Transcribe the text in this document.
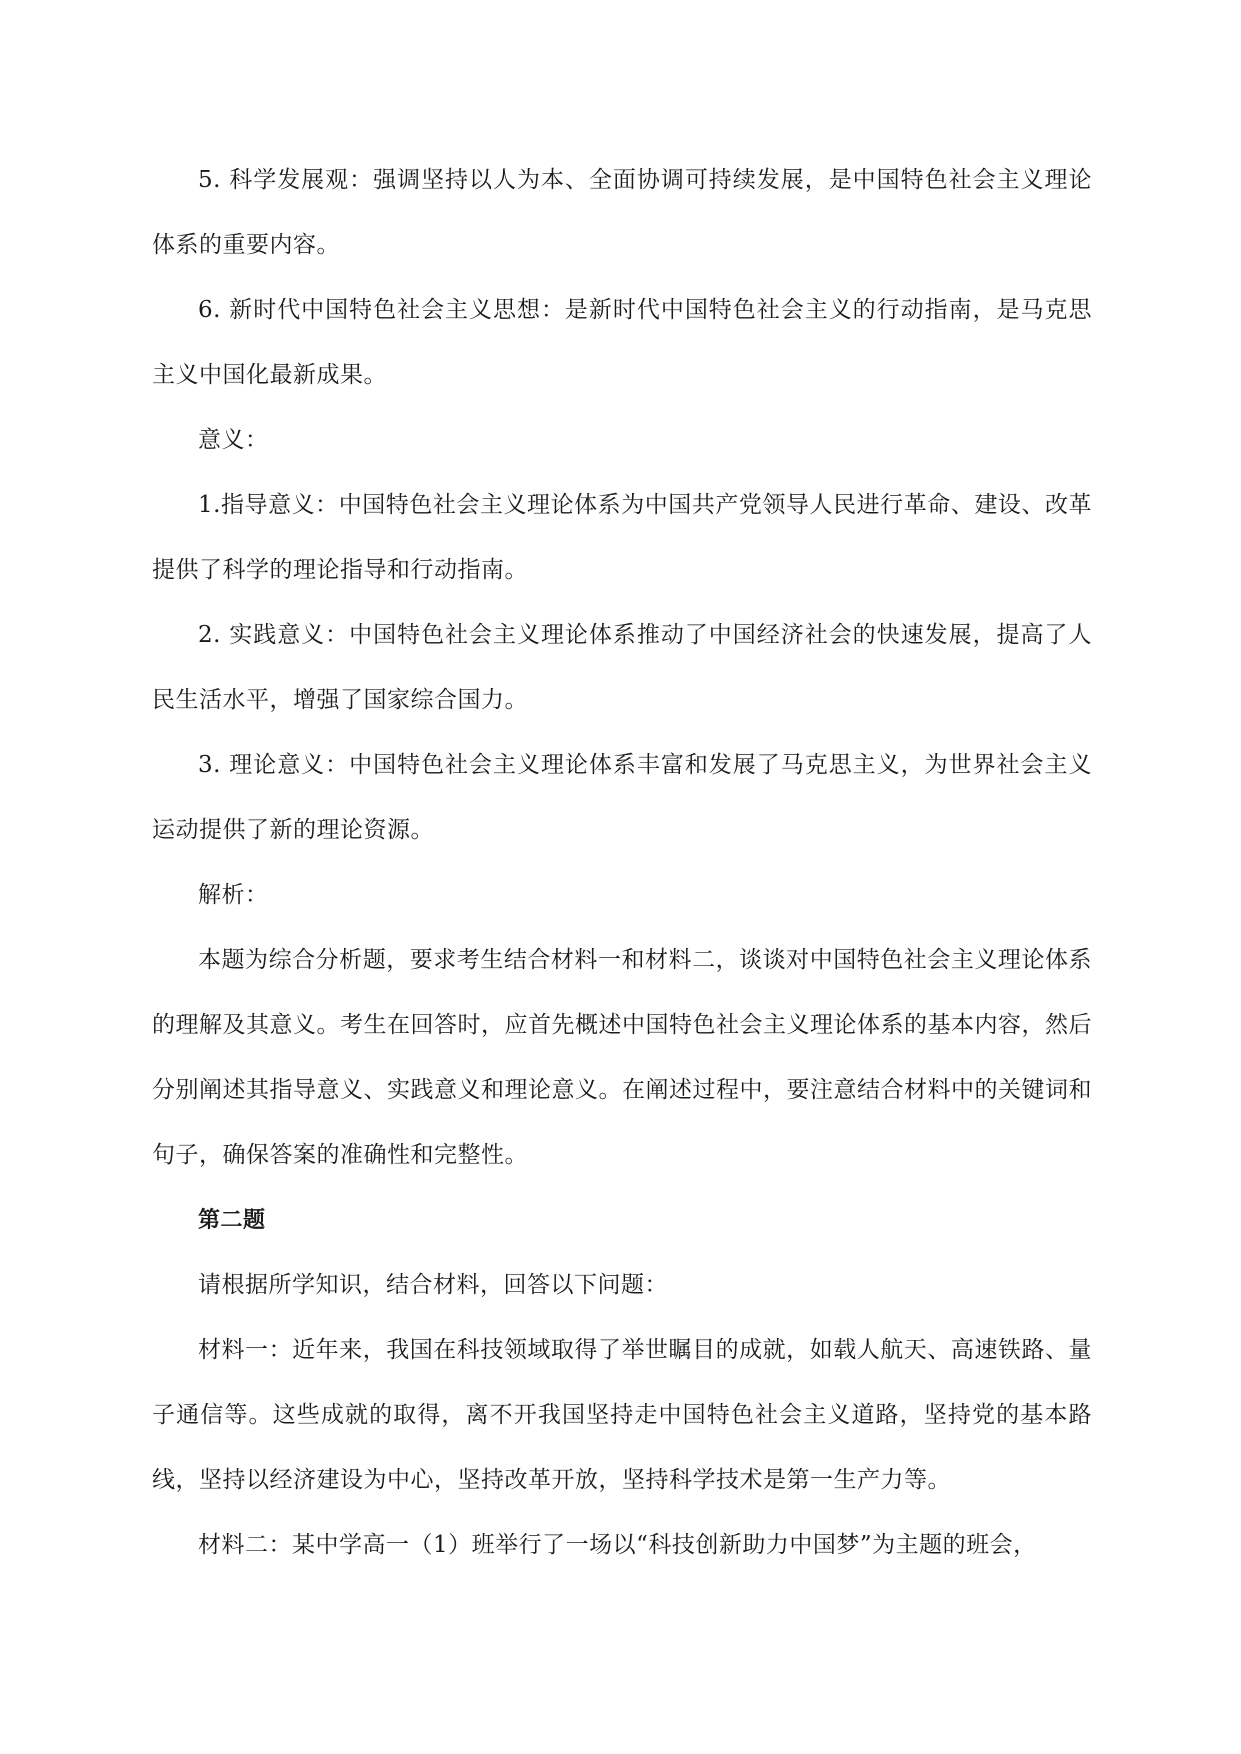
5. 科学发展观：强调坚持以人为本、全面协调可持续发展，是中国特色社会主义理论体系的重要内容。

6. 新时代中国特色社会主义思想：是新时代中国特色社会主义的行动指南，是马克思主义中国化最新成果。

意义：

1.指导意义：中国特色社会主义理论体系为中国共产党领导人民进行革命、建设、改革提供了科学的理论指导和行动指南。

2. 实践意义：中国特色社会主义理论体系推动了中国经济社会的快速发展，提高了人民生活水平，增强了国家综合国力。

3. 理论意义：中国特色社会主义理论体系丰富和发展了马克思主义，为世界社会主义运动提供了新的理论资源。

解析：

本题为综合分析题，要求考生结合材料一和材料二，谈谈对中国特色社会主义理论体系的理解及其意义。考生在回答时，应首先概述中国特色社会主义理论体系的基本内容，然后分别阐述其指导意义、实践意义和理论意义。在阐述过程中，要注意结合材料中的关键词和句子，确保答案的准确性和完整性。

第二题

请根据所学知识，结合材料，回答以下问题：

材料一：近年来，我国在科技领域取得了举世瞩目的成就，如载人航天、高速铁路、量子通信等。这些成就的取得，离不开我国坚持走中国特色社会主义道路，坚持党的基本路线，坚持以经济建设为中心，坚持改革开放，坚持科学技术是第一生产力等。

材料二：某中学高一（1）班举行了一场以“科技创新助力中国梦”为主题的班会，
